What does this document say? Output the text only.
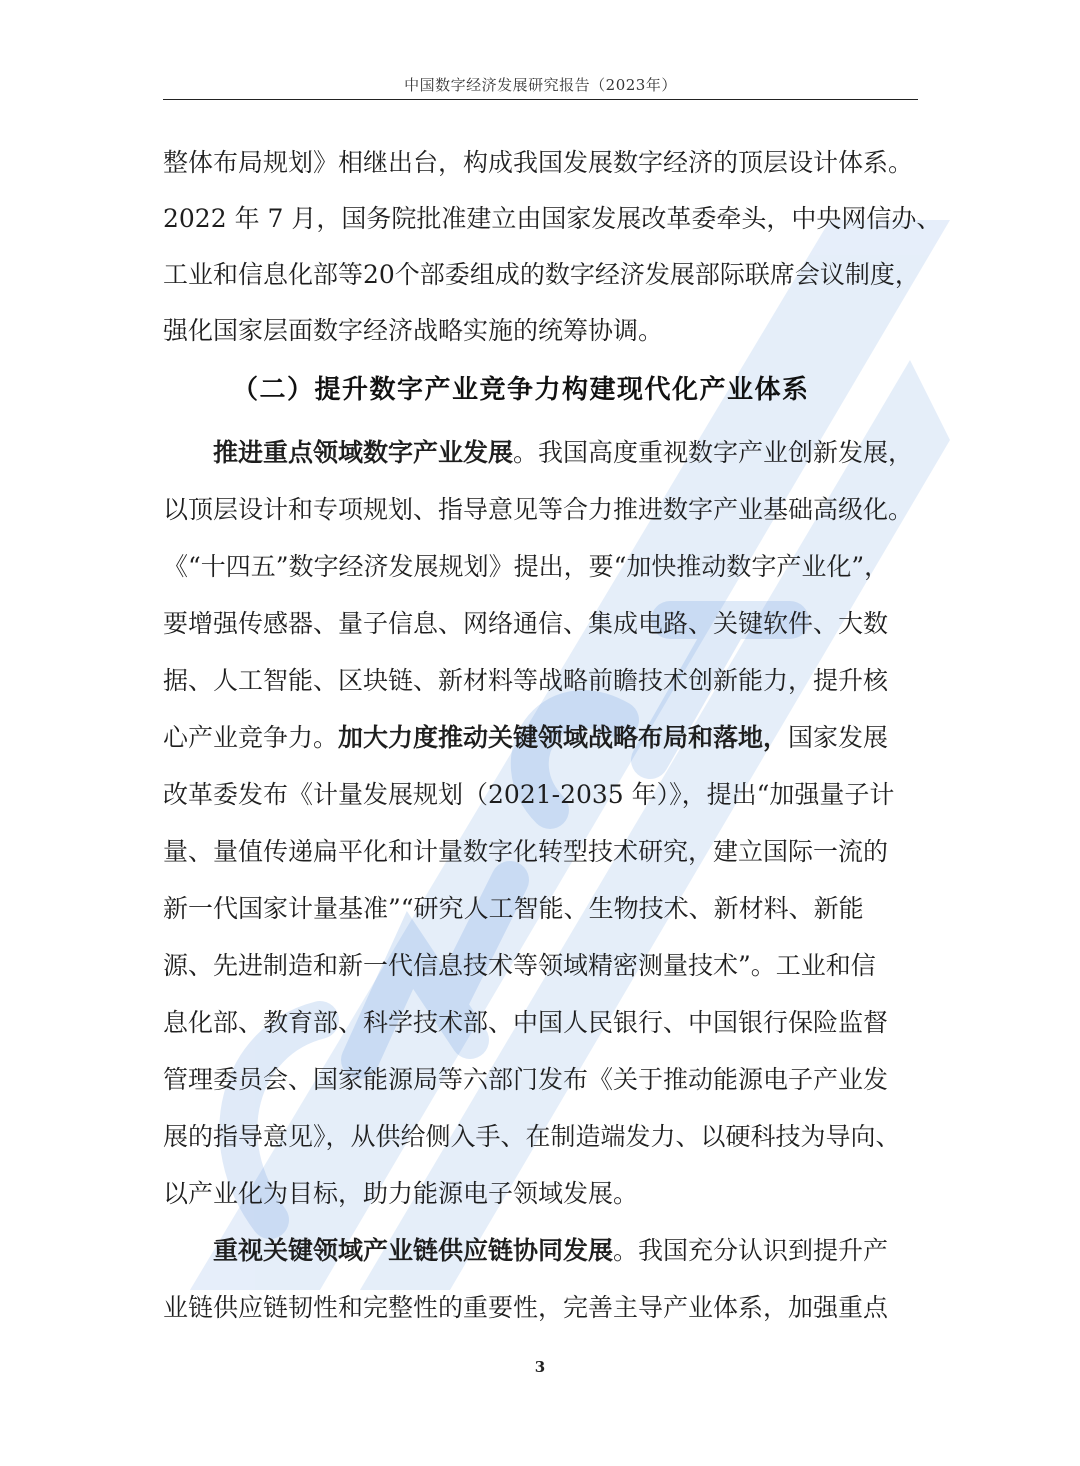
中国数字经济发展研究报告（2023年）
整体布局规划》相继出台，构成我国发展数字经济的顶层设计体系。
2022 年 7 月，国务院批准建立由国家发展改革委牵头，中央网信办、
工业和信息化部等20个部委组成的数字经济发展部际联席会议制度，
强化国家层面数字经济战略实施的统筹协调。
（二）提升数字产业竞争力构建现代化产业体系
推进重点领域数字产业发展。我国高度重视数字产业创新发展，
以顶层设计和专项规划、指导意见等合力推进数字产业基础高级化。
《“十四五”数字经济发展规划》提出，要“加快推动数字产业化”，
要增强传感器、量子信息、网络通信、集成电路、关键软件、大数
据、人工智能、区块链、新材料等战略前瞻技术创新能力，提升核
心产业竞争力。加大力度推动关键领域战略布局和落地，国家发展
改革委发布《计量发展规划（2021-2035 年）》，提出“加强量子计
量、量值传递扁平化和计量数字化转型技术研究，建立国际一流的
新一代国家计量基准”“研究人工智能、生物技术、新材料、新能
源、先进制造和新一代信息技术等领域精密测量技术”。工业和信
息化部、教育部、科学技术部、中国人民银行、中国银行保险监督
管理委员会、国家能源局等六部门发布《关于推动能源电子产业发
展的指导意见》，从供给侧入手、在制造端发力、以硬科技为导向、
以产业化为目标，助力能源电子领域发展。
重视关键领域产业链供应链协同发展。我国充分认识到提升产
业链供应链韧性和完整性的重要性，完善主导产业体系，加强重点
3
